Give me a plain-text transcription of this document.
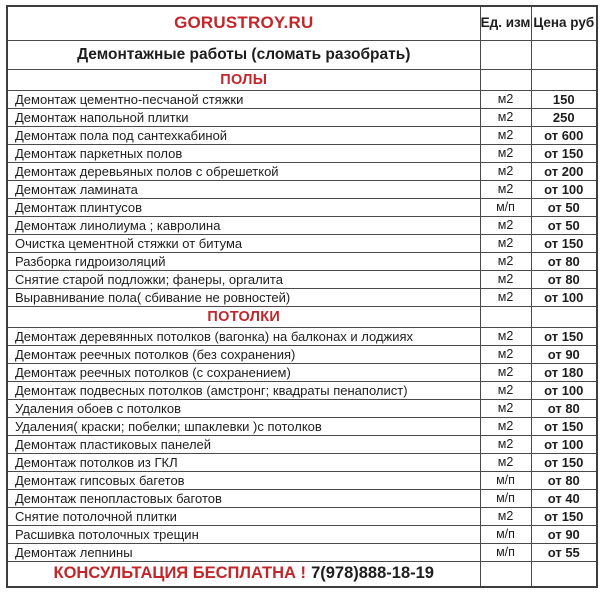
GORUSTROY.RU	Ед. изм	Цена руб
Демонтажные работы (сломать разобрать)		
ПОЛЫ		
Демонтаж цементно-песчаной стяжки	м2	150
Демонтаж напольной плитки	м2	250
Демонтаж пола под сантехкабиной	м2	от 600
Демонтаж паркетных полов	м2	от 150
Демонтаж деревьяных полов с обрешеткой	м2	от 200
Демонтаж ламината	м2	от 100
Демонтаж плинтусов	м/п	от 50
Демонтаж линолиума ; кавролина	м2	от 50
Очистка цементной стяжки от битума	м2	от 150
Разборка гидроизоляций	м2	от 80
Снятие старой подложки; фанеры, оргалита	м2	от 80
Выравнивание пола( сбивание не ровностей)	м2	от 100
ПОТОЛКИ		
Демонтаж деревянных потолков (вагонка) на балконах и лоджиях	м2	от 150
Демонтаж реечных потолков (без сохранения)	м2	от 90
Демонтаж реечных потолков (с сохранением)	м2	от 180
Демонтаж подвесных потолков (амстронг; квадраты пенаполист)	м2	от 100
Удаления обоев с потолков	м2	от 80
Удаления( краски; побелки; шпаклевки )с потолков	м2	от 150
Демонтаж пластиковых панелей	м2	от 100
Демонтаж потолков из ГКЛ	м2	от 150
Демонтаж гипсовых багетов	м/п	от 80
Демонтаж пенопластовых баготов	м/п	от 40
Снятие потолочной плитки	м2	от 150
Расшивка потолочных трещин	м/п	от 90
Демонтаж лепнины	м/п	от 55
КОНСУЛЬТАЦИЯ БЕСПЛАТНА ! 7(978)888-18-19		
